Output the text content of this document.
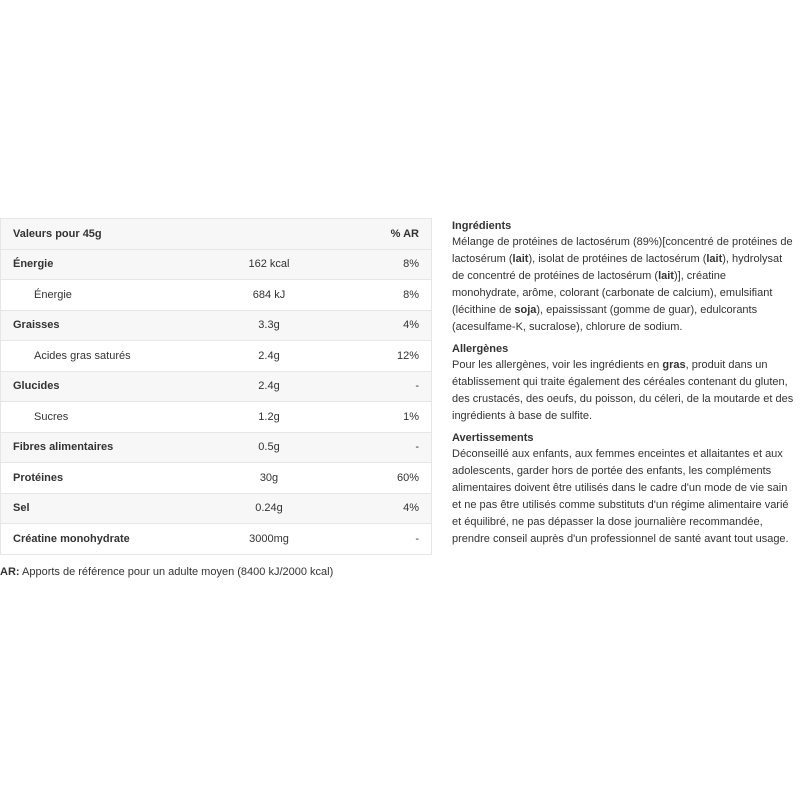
Valeurs pour 45g		% AR
Énergie	162 kcal	8%
Énergie	684 kJ	8%
Graisses	3.3g	4%
Acides gras saturés	2.4g	12%
Glucides	2.4g	-
Sucres	1.2g	1%
Fibres alimentaires	0.5g	-
Protéines	30g	60%
Sel	0.24g	4%
Créatine monohydrate	3000mg	-
AR: Apports de référence pour un adulte moyen (8400 kJ/2000 kcal)
Ingrédients

Mélange de protéines de lactosérum (89%)[concentré de protéines de lactosérum (lait), isolat de protéines de lactosérum (lait), hydrolysat de concentré de protéines de lactosérum (lait)], créatine monohydrate, arôme, colorant (carbonate de calcium), emulsifiant (lécithine de soja), epaississant (gomme de guar), edulcorants (acesulfame-K, sucralose), chlorure de sodium.

Allergènes

Pour les allergènes, voir les ingrédients en gras, produit dans un établissement qui traite également des céréales contenant du gluten, des crustacés, des oeufs, du poisson, du céleri, de la moutarde et des ingrédients à base de sulfite.

Avertissements

Déconseillé aux enfants, aux femmes enceintes et allaitantes et aux adolescents, garder hors de portée des enfants, les compléments alimentaires doivent être utilisés dans le cadre d'un mode de vie sain et ne pas être utilisés comme substituts d'un régime alimentaire varié et équilibré, ne pas dépasser la dose journalière recommandée, prendre conseil auprès d'un professionnel de santé avant tout usage.
